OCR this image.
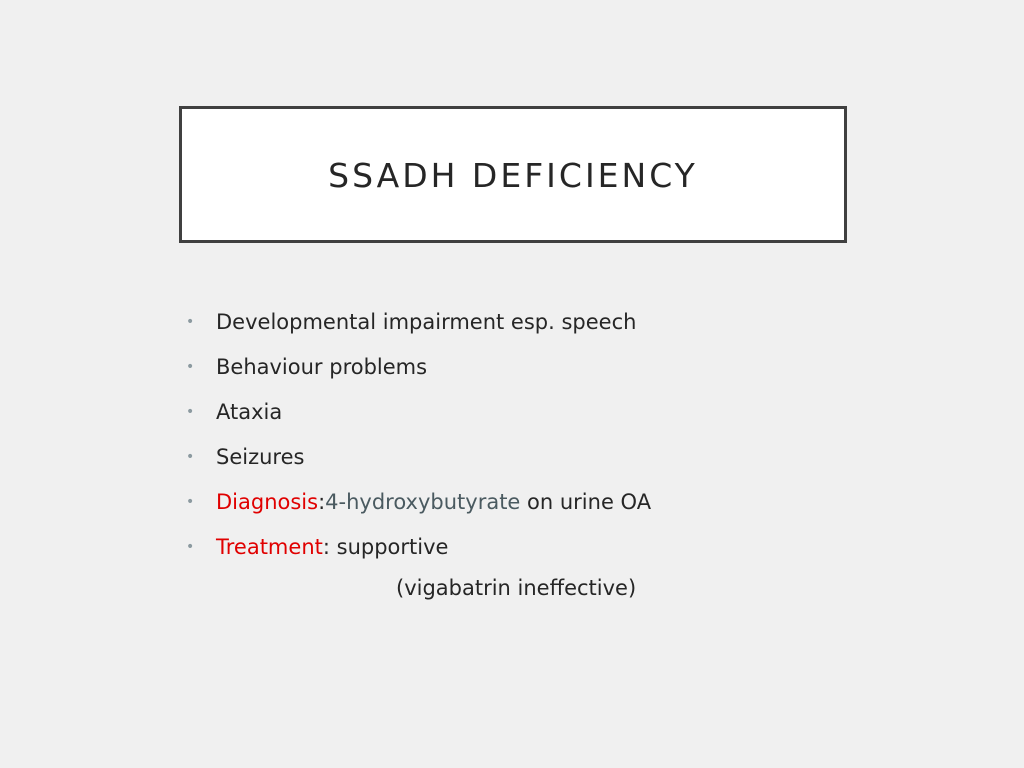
SSADH DEFICIENCY
•	Developmental impairment esp. speech
•	Behaviour problems
•	Ataxia
•	Seizures
•	Diagnosis : 4-hydroxybutyrate on urine OA
•	Treatment : supportive
(vigabatrin ineffective)
